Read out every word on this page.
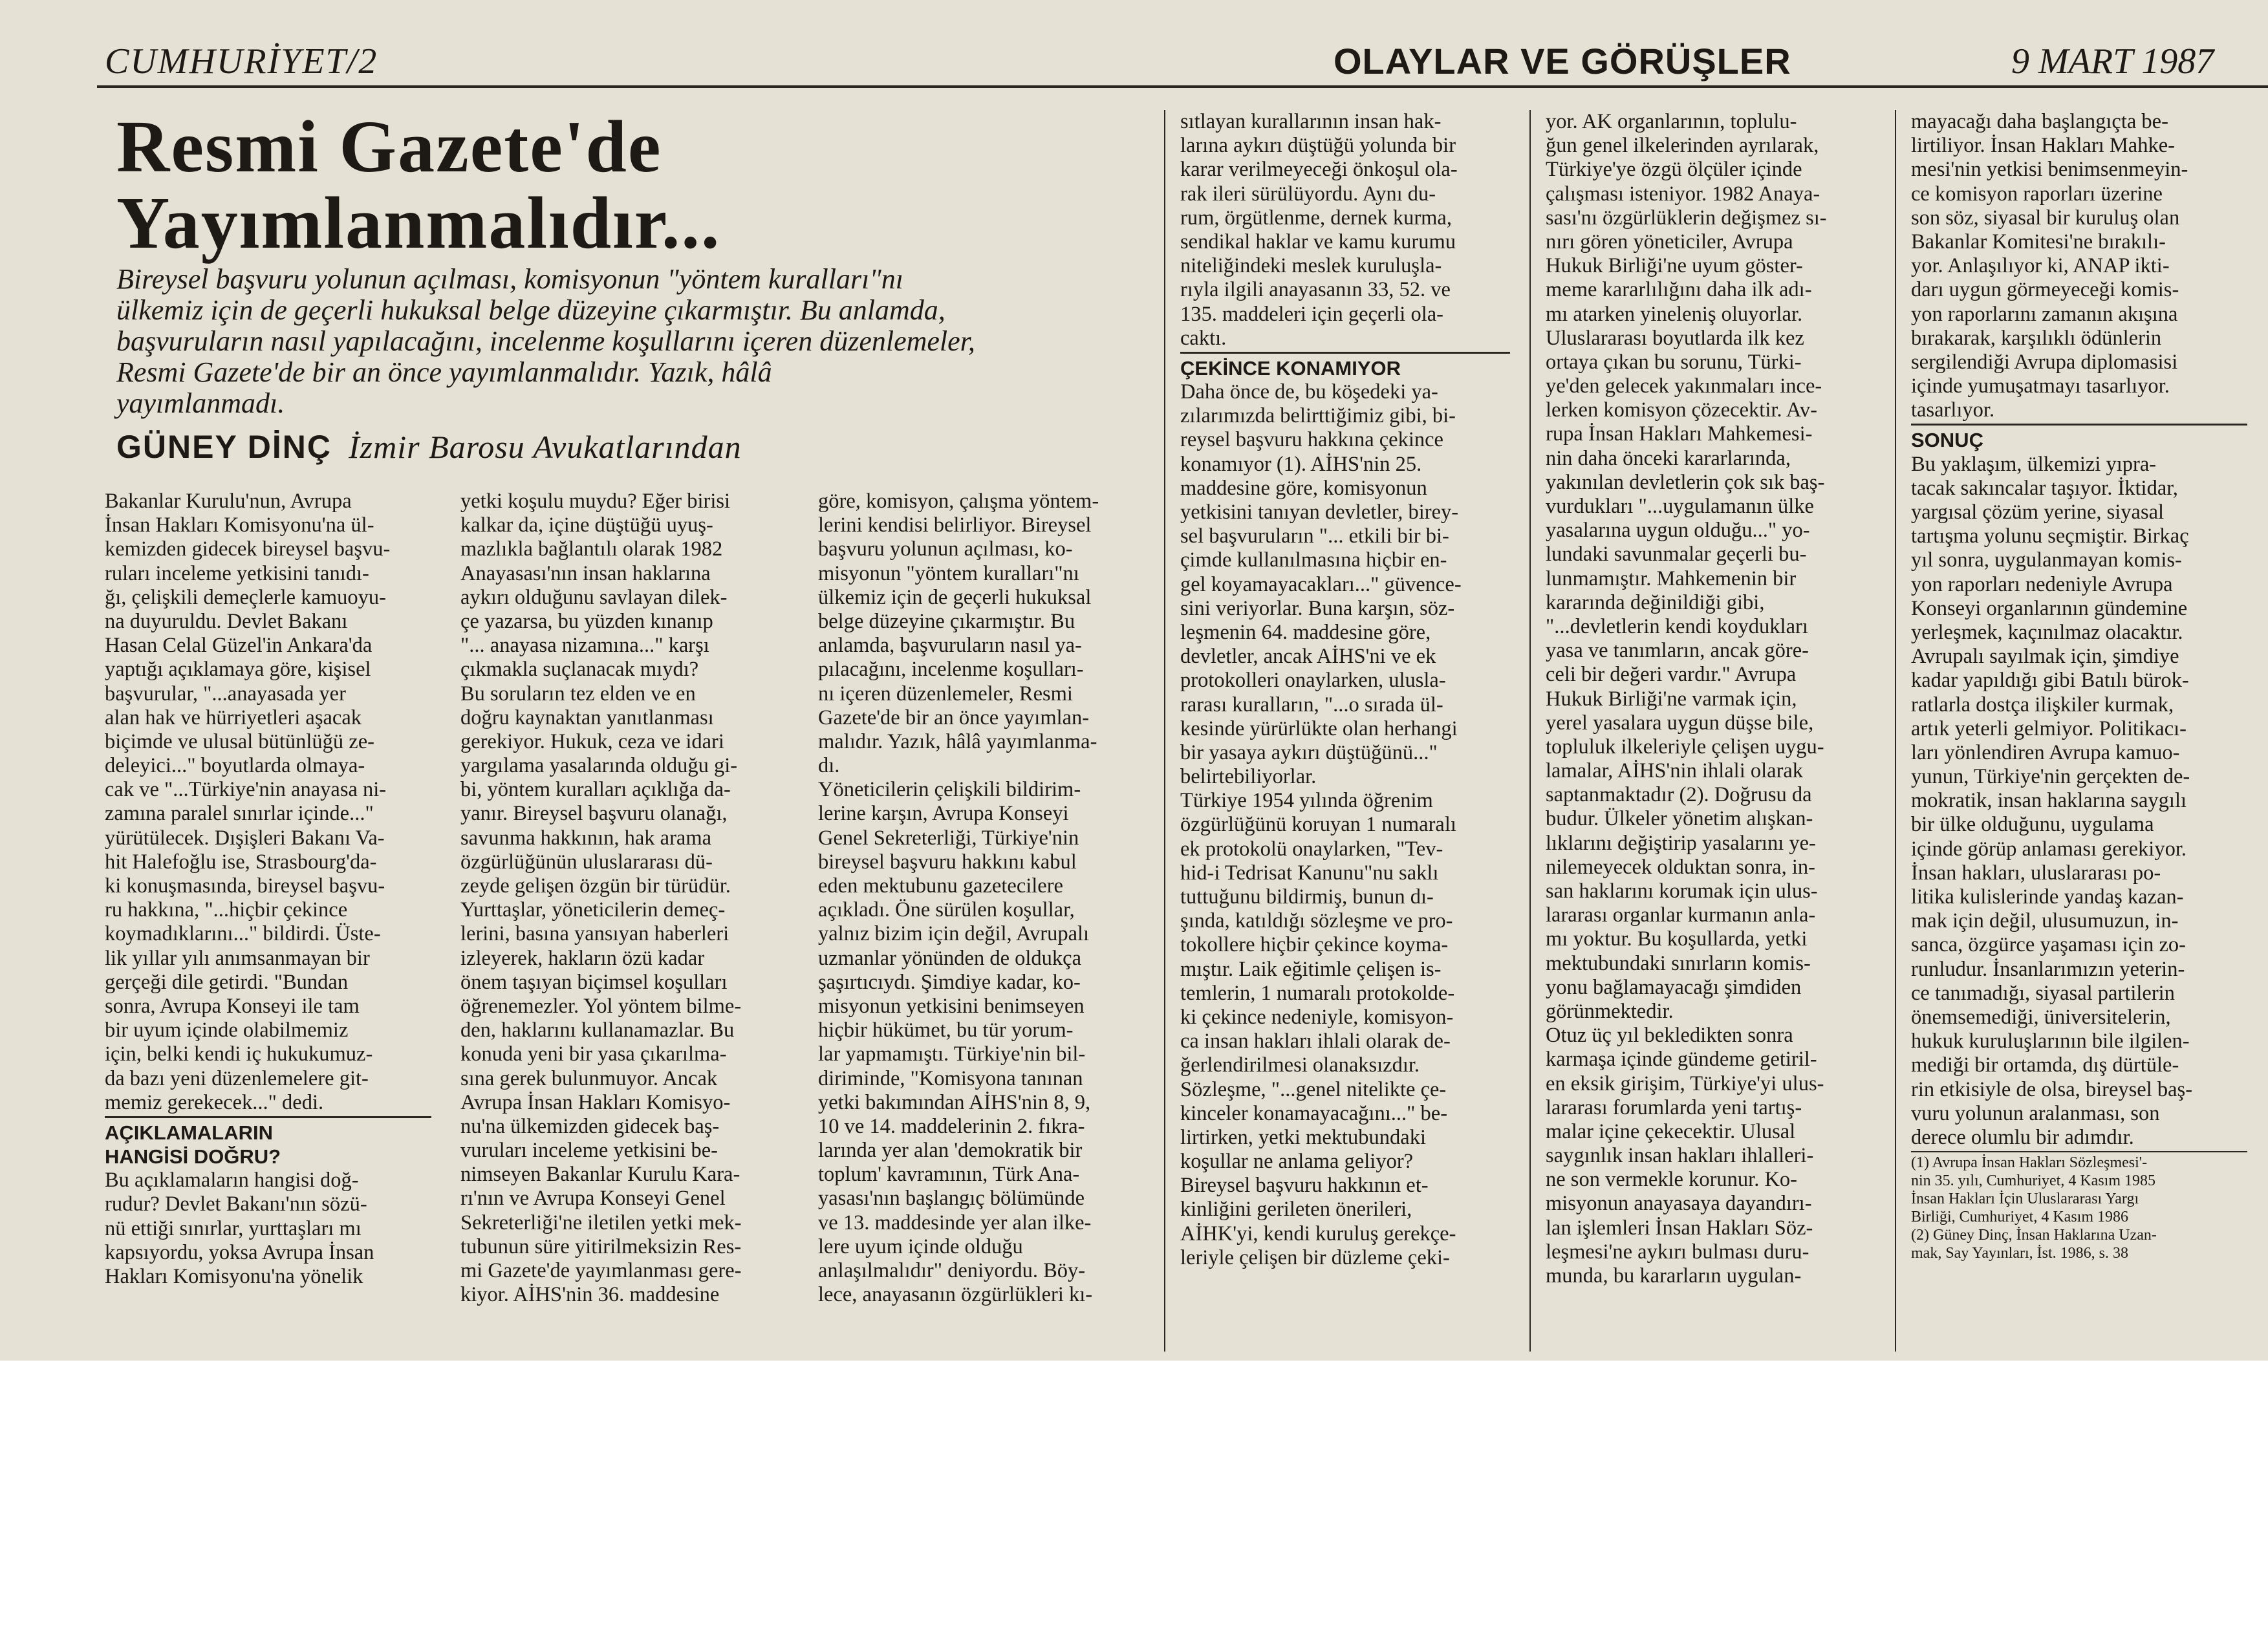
CUMHURİYET/2	OLAYLAR VE GÖRÜŞLER	9 MART 1987
Resmi Gazete'de
Yayımlanmalıdır...
Bireysel başvuru yolunun açılması, komisyonun "yöntem kuralları"nı
ülkemiz için de geçerli hukuksal belge düzeyine çıkarmıştır. Bu anlamda,
başvuruların nasıl yapılacağını, incelenme koşullarını içeren düzenlemeler,
Resmi Gazete'de bir an önce yayımlanmalıdır. Yazık, hâlâ
yayımlanmadı.
GÜNEY DİNÇ İzmir Barosu Avukatlarından
Bakanlar Kurulu'nun, Avrupa
İnsan Hakları Komisyonu'na ül-
kemizden gidecek bireysel başvu-
ruları inceleme yetkisini tanıdı-
ğı, çelişkili demeçlerle kamuoyu-
na duyuruldu. Devlet Bakanı
Hasan Celal Güzel'in Ankara'da
yaptığı açıklamaya göre, kişisel
başvurular, "...anayasada yer
alan hak ve hürriyetleri aşacak
biçimde ve ulusal bütünlüğü ze-
deleyici..." boyutlarda olmaya-
cak ve "...Türkiye'nin anayasa ni-
zamına paralel sınırlar içinde..."
yürütülecek. Dışişleri Bakanı Va-
hit Halefoğlu ise, Strasbourg'da-
ki konuşmasında, bireysel başvu-
ru hakkına, "...hiçbir çekince
koymadıklarını..." bildirdi. Üste-
lik yıllar yılı anımsanmayan bir
gerçeği dile getirdi. "Bundan
sonra, Avrupa Konseyi ile tam
bir uyum içinde olabilmemiz
için, belki kendi iç hukukumuz-
da bazı yeni düzenlemelere git-
memiz gerekecek..." dedi.
AÇIKLAMALARIN
HANGİSİ DOĞRU?
Bu açıklamaların hangisi doğ-
rudur? Devlet Bakanı'nın sözü-
nü ettiği sınırlar, yurttaşları mı
kapsıyordu, yoksa Avrupa İnsan
Hakları Komisyonu'na yönelik
yetki koşulu muydu? Eğer birisi
kalkar da, içine düştüğü uyuş-
mazlıkla bağlantılı olarak 1982
Anayasası'nın insan haklarına
aykırı olduğunu savlayan dilek-
çe yazarsa, bu yüzden kınanıp
"... anayasa nizamına..." karşı
çıkmakla suçlanacak mıydı?
Bu soruların tez elden ve en
doğru kaynaktan yanıtlanması
gerekiyor. Hukuk, ceza ve idari
yargılama yasalarında olduğu gi-
bi, yöntem kuralları açıklığa da-
yanır. Bireysel başvuru olanağı,
savunma hakkının, hak arama
özgürlüğünün uluslararası dü-
zeyde gelişen özgün bir türüdür.
Yurttaşlar, yöneticilerin demeç-
lerini, basına yansıyan haberleri
izleyerek, hakların özü kadar
önem taşıyan biçimsel koşulları
öğrenemezler. Yol yöntem bilme-
den, haklarını kullanamazlar. Bu
konuda yeni bir yasa çıkarılma-
sına gerek bulunmuyor. Ancak
Avrupa İnsan Hakları Komisyo-
nu'na ülkemizden gidecek baş-
vuruları inceleme yetkisini be-
nimseyen Bakanlar Kurulu Kara-
rı'nın ve Avrupa Konseyi Genel
Sekreterliği'ne iletilen yetki mek-
tubunun süre yitirilmeksizin Res-
mi Gazete'de yayımlanması gere-
kiyor. AİHS'nin 36. maddesine
göre, komisyon, çalışma yöntem-
lerini kendisi belirliyor. Bireysel
başvuru yolunun açılması, ko-
misyonun "yöntem kuralları"nı
ülkemiz için de geçerli hukuksal
belge düzeyine çıkarmıştır. Bu
anlamda, başvuruların nasıl ya-
pılacağını, incelenme koşulları-
nı içeren düzenlemeler, Resmi
Gazete'de bir an önce yayımlan-
malıdır. Yazık, hâlâ yayımlanma-
dı.
Yöneticilerin çelişkili bildirim-
lerine karşın, Avrupa Konseyi
Genel Sekreterliği, Türkiye'nin
bireysel başvuru hakkını kabul
eden mektubunu gazetecilere
açıkladı. Öne sürülen koşullar,
yalnız bizim için değil, Avrupalı
uzmanlar yönünden de oldukça
şaşırtıcıydı. Şimdiye kadar, ko-
misyonun yetkisini benimseyen
hiçbir hükümet, bu tür yorum-
lar yapmamıştı. Türkiye'nin bil-
diriminde, "Komisyona tanınan
yetki bakımından AİHS'nin 8, 9,
10 ve 14. maddelerinin 2. fıkra-
larında yer alan 'demokratik bir
toplum' kavramının, Türk Ana-
yasası'nın başlangıç bölümünde
ve 13. maddesinde yer alan ilke-
lere uyum içinde olduğu
anlaşılmalıdır" deniyordu. Böy-
lece, anayasanın özgürlükleri kı-
sıtlayan kurallarının insan hak-
larına aykırı düştüğü yolunda bir
karar verilmeyeceği önkoşul ola-
rak ileri sürülüyordu. Aynı du-
rum, örgütlenme, dernek kurma,
sendikal haklar ve kamu kurumu
niteliğindeki meslek kuruluşla-
rıyla ilgili anayasanın 33, 52. ve
135. maddeleri için geçerli ola-
caktı.
ÇEKİNCE KONAMIYOR
Daha önce de, bu köşedeki ya-
zılarımızda belirttiğimiz gibi, bi-
reysel başvuru hakkına çekince
konamıyor (1). AİHS'nin 25.
maddesine göre, komisyonun
yetkisini tanıyan devletler, birey-
sel başvuruların "... etkili bir bi-
çimde kullanılmasına hiçbir en-
gel koyamayacakları..." güvence-
sini veriyorlar. Buna karşın, söz-
leşmenin 64. maddesine göre,
devletler, ancak AİHS'ni ve ek
protokolleri onaylarken, ulusla-
rarası kuralların, "...o sırada ül-
kesinde yürürlükte olan herhangi
bir yasaya aykırı düştüğünü..."
belirtebiliyorlar.
Türkiye 1954 yılında öğrenim
özgürlüğünü koruyan 1 numaralı
ek protokolü onaylarken, "Tev-
hid-i Tedrisat Kanunu"nu saklı
tuttuğunu bildirmiş, bunun dı-
şında, katıldığı sözleşme ve pro-
tokollere hiçbir çekince koyma-
mıştır. Laik eğitimle çelişen is-
temlerin, 1 numaralı protokolde-
ki çekince nedeniyle, komisyon-
ca insan hakları ihlali olarak de-
ğerlendirilmesi olanaksızdır.
Sözleşme, "...genel nitelikte çe-
kinceler konamayacağını..." be-
lirtirken, yetki mektubundaki
koşullar ne anlama geliyor?
Bireysel başvuru hakkının et-
kinliğini gerileten önerileri,
AİHK'yi, kendi kuruluş gerekçe-
leriyle çelişen bir düzleme çeki-
yor. AK organlarının, toplulu-
ğun genel ilkelerinden ayrılarak,
Türkiye'ye özgü ölçüler içinde
çalışması isteniyor. 1982 Anaya-
sası'nı özgürlüklerin değişmez sı-
nırı gören yöneticiler, Avrupa
Hukuk Birliği'ne uyum göster-
meme kararlılığını daha ilk adı-
mı atarken yineleniş oluyorlar.
Uluslararası boyutlarda ilk kez
ortaya çıkan bu sorunu, Türki-
ye'den gelecek yakınmaları ince-
lerken komisyon çözecektir. Av-
rupa İnsan Hakları Mahkemesi-
nin daha önceki kararlarında,
yakınılan devletlerin çok sık baş-
vurdukları "...uygulamanın ülke
yasalarına uygun olduğu..." yo-
lundaki savunmalar geçerli bu-
lunmamıştır. Mahkemenin bir
kararında değinildiği gibi,
"...devletlerin kendi koydukları
yasa ve tanımların, ancak göre-
celi bir değeri vardır." Avrupa
Hukuk Birliği'ne varmak için,
yerel yasalara uygun düşse bile,
topluluk ilkeleriyle çelişen uygu-
lamalar, AİHS'nin ihlali olarak
saptanmaktadır (2). Doğrusu da
budur. Ülkeler yönetim alışkan-
lıklarını değiştirip yasalarını ye-
nilemeyecek olduktan sonra, in-
san haklarını korumak için ulus-
lararası organlar kurmanın anla-
mı yoktur. Bu koşullarda, yetki
mektubundaki sınırların komis-
yonu bağlamayacağı şimdiden
görünmektedir.
Otuz üç yıl bekledikten sonra
karmaşa içinde gündeme getiril-
en eksik girişim, Türkiye'yi ulus-
lararası forumlarda yeni tartış-
malar içine çekecektir. Ulusal
saygınlık insan hakları ihlalleri-
ne son vermekle korunur. Ko-
misyonun anayasaya dayandırı-
lan işlemleri İnsan Hakları Söz-
leşmesi'ne aykırı bulması duru-
munda, bu kararların uygulan-
mayacağı daha başlangıçta be-
lirtiliyor. İnsan Hakları Mahke-
mesi'nin yetkisi benimsenmeyin-
ce komisyon raporları üzerine
son söz, siyasal bir kuruluş olan
Bakanlar Komitesi'ne bırakılı-
yor. Anlaşılıyor ki, ANAP ikti-
darı uygun görmeyeceği komis-
yon raporlarını zamanın akışına
bırakarak, karşılıklı ödünlerin
sergilendiği Avrupa diplomasisi
içinde yumuşatmayı tasarlıyor.
tasarlıyor.
SONUÇ
Bu yaklaşım, ülkemizi yıpra-
tacak sakıncalar taşıyor. İktidar,
yargısal çözüm yerine, siyasal
tartışma yolunu seçmiştir. Birkaç
yıl sonra, uygulanmayan komis-
yon raporları nedeniyle Avrupa
Konseyi organlarının gündemine
yerleşmek, kaçınılmaz olacaktır.
Avrupalı sayılmak için, şimdiye
kadar yapıldığı gibi Batılı bürok-
ratlarla dostça ilişkiler kurmak,
artık yeterli gelmiyor. Politikacı-
ları yönlendiren Avrupa kamuo-
yunun, Türkiye'nin gerçekten de-
mokratik, insan haklarına saygılı
bir ülke olduğunu, uygulama
içinde görüp anlaması gerekiyor.
İnsan hakları, uluslararası po-
litika kulislerinde yandaş kazan-
mak için değil, ulusumuzun, in-
sanca, özgürce yaşaması için zo-
runludur. İnsanlarımızın yeterin-
ce tanımadığı, siyasal partilerin
önemsemediği, üniversitelerin,
hukuk kuruluşlarının bile ilgilen-
mediği bir ortamda, dış dürtüle-
rin etkisiyle de olsa, bireysel baş-
vuru yolunun aralanması, son
derece olumlu bir adımdır.
(1) Avrupa İnsan Hakları Sözleşmesi'-
nin 35. yılı, Cumhuriyet, 4 Kasım 1985
İnsan Hakları İçin Uluslararası Yargı
Birliği, Cumhuriyet, 4 Kasım 1986
(2) Güney Dinç, İnsan Haklarına Uzan-
mak, Say Yayınları, İst. 1986, s. 38
